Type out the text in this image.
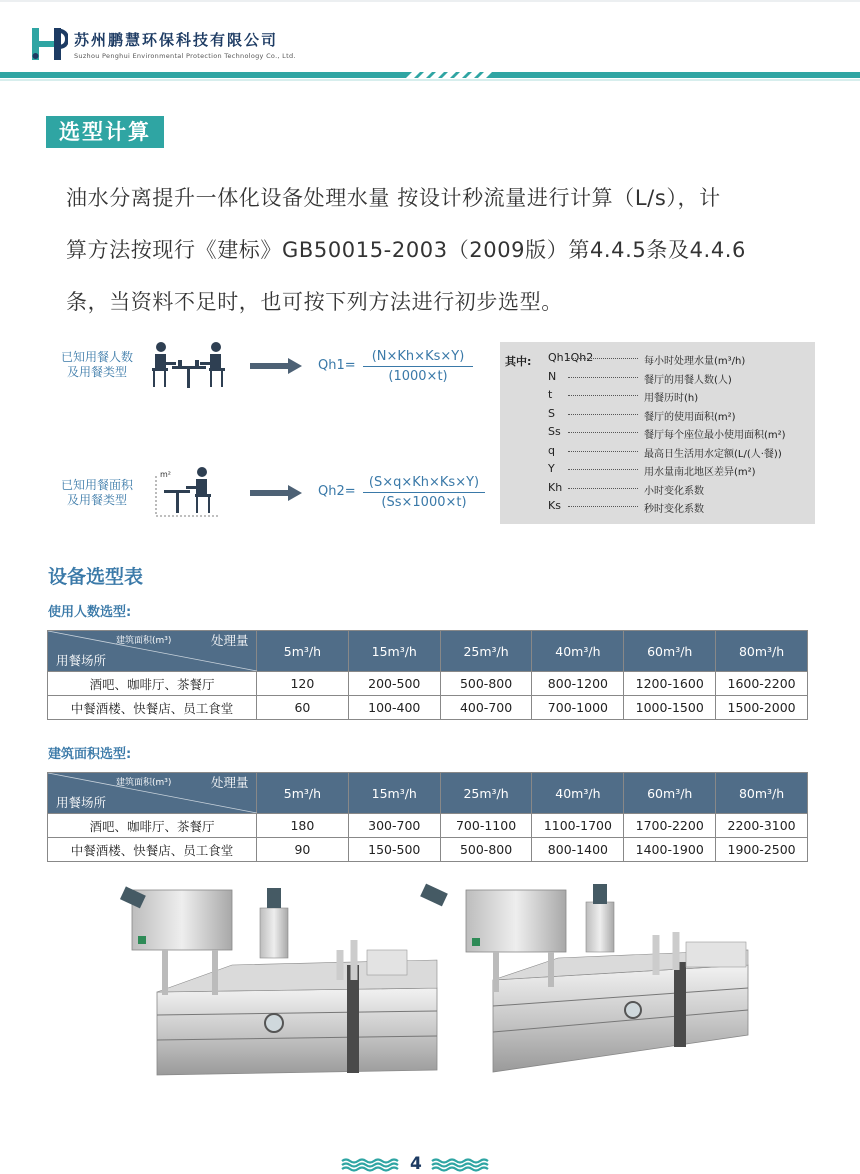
苏州鹏慧环保科技有限公司
Suzhou Penghui Environmental Protection Technology Co., Ltd.
选型计算
油水分离提升一体化设备处理水量 按设计秒流量进行计算（L/s），计
算方法按现行《建标》GB50015-2003（2009版）第4.4.5条及4.4.6
条，当资料不足时，也可按下列方法进行初步选型。
已知用餐人数
及用餐类型	$Qh1= \frac{(N\times Kh\times Ks\times Y)}{(1000\times t)}$
已知用餐面积
及用餐类型
m²
$Qh2= \frac{(S\times q\times Kh\times Ks\times Y)}{(Ss\times 1000\times t)}$
其中: Qh1Qh2	每小时处理水量(m³/h)
N	餐厅的用餐人数(人)
t	用餐历时(h)
S	餐厅的使用面积(m²)
Ss	餐厅每个座位最小使用面积(m²)
q	最高日生活用水定额(L/(人·餐))
Y	用水量南北地区差异(m²)
Kh	小时变化系数
Ks	秒时变化系数
设备选型表
使用人数选型:
建筑面积(m³) 处理量
用餐场所	5m³/h	15m³/h	25m³/h	40m³/h	60m³/h	80m³/h
酒吧、咖啡厅、茶餐厅	120	200-500	500-800	800-1200	1200-1600	1600-2200
中餐酒楼、快餐店、员工食堂	60	100-400	400-700	700-1000	1000-1500	1500-2000
建筑面积选型:
建筑面积(m³) 处理量
用餐场所	5m³/h	15m³/h	25m³/h	40m³/h	60m³/h	80m³/h
酒吧、咖啡厅、茶餐厅	180	300-700	700-1100	1100-1700	1700-2200	2200-3100
中餐酒楼、快餐店、员工食堂	90	150-500	500-800	800-1400	1400-1900	1900-2500
4
